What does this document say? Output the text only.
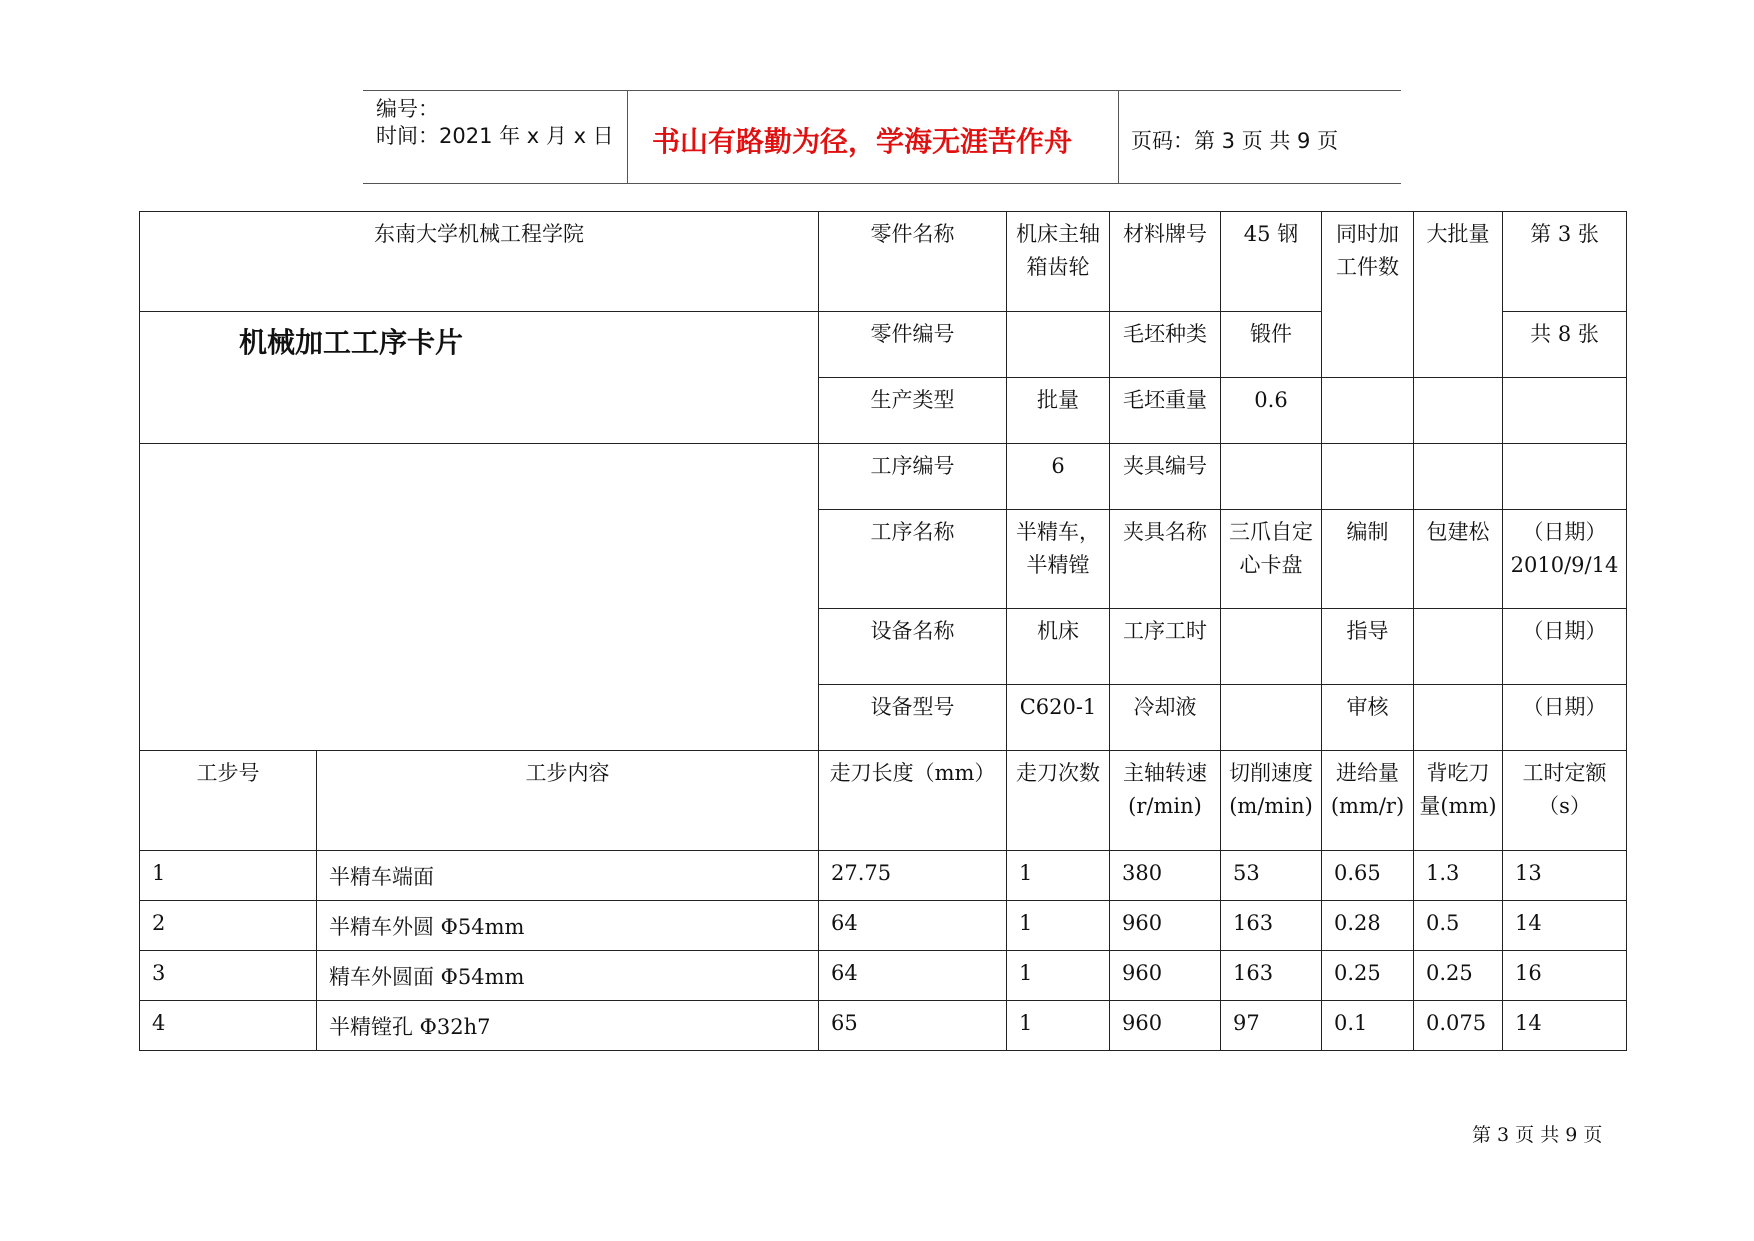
编号：
时间：2021 年 x 月 x 日 书山有路勤为径，学海无涯苦作舟	页码：第 3 页 共 9 页
东南大学机械工程学院		零件名称	机床主轴箱齿轮	材料牌号	45 钢	同时加工件数	大批量	第 3 张

机械加工工序卡片		零件编号		毛坯种类	锻件			共 8 张
		生产类型	批量	毛坯重量	0.6			
		工序编号	6	夹具编号				
		工序名称	半精车，半精镗	夹具名称	三爪自定心卡盘	编制	包建松	（日期）2010/9/14
		设备名称	机床	工序工时		指导		（日期）
		设备型号	C620-1	冷却液		审核		（日期）
工步号	工步内容	走刀长度（mm）	走刀次数	主轴转速(r/min)	切削速度(m/min)	进给量(mm/r)	背吃刀量(mm)	工时定额（s）
1	半精车端面	27.75	1	380	53	0.65	1.3	13
2	半精车外圆 Φ54mm	64	1	960	163	0.28	0.5	14
3	精车外圆面 Φ54mm	64	1	960	163	0.25	0.25	16
4	半精镗孔 Φ32h7	65	1	960	97	0.1	0.075	14
第 3 页 共 9 页
